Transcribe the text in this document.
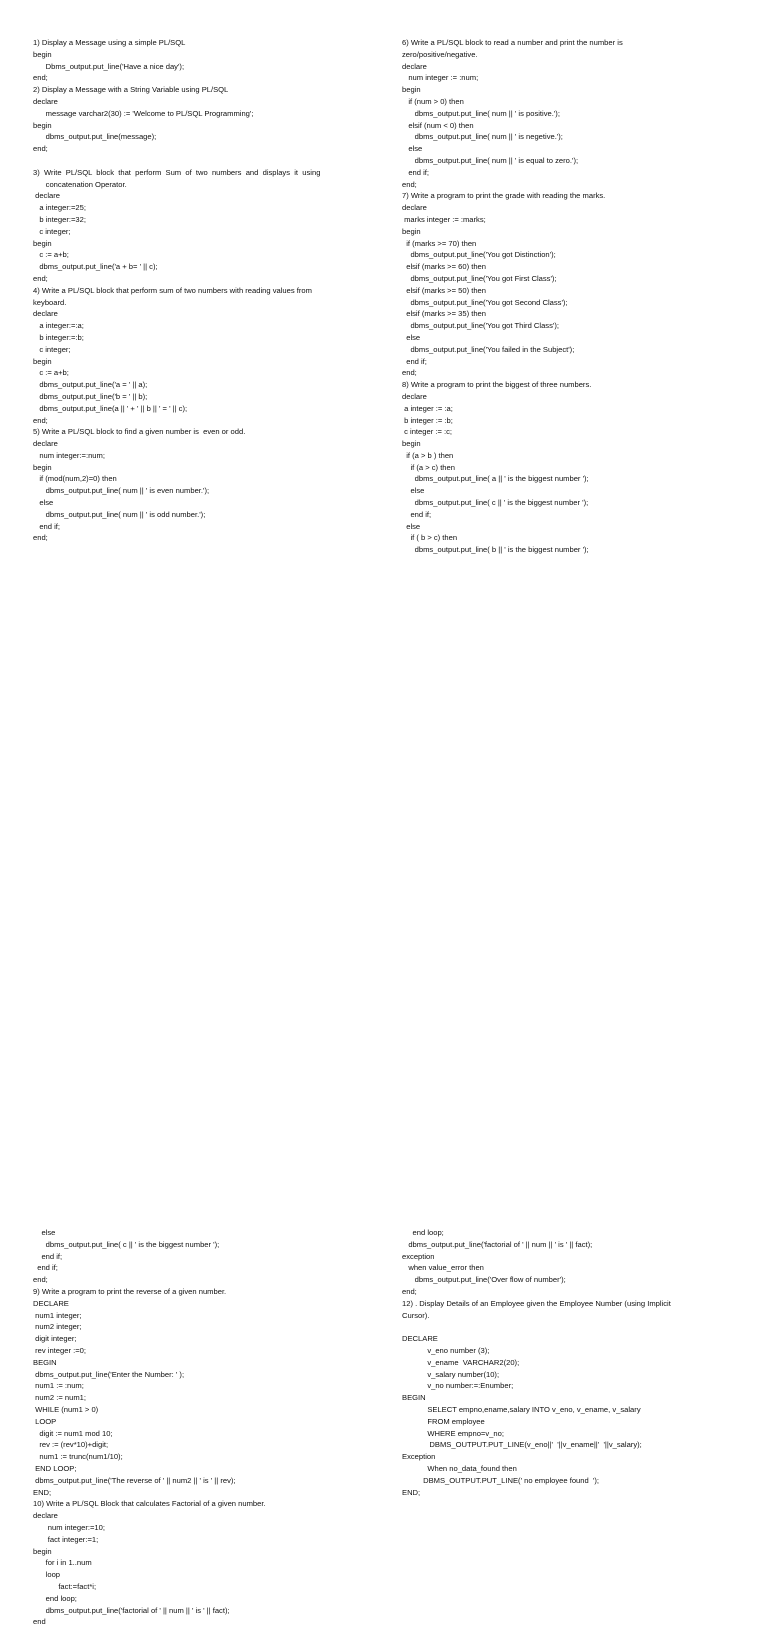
1) Display a Message using a simple PL/SQL
begin
Dbms_output.put_line('Have a nice day');
end;
2) Display a Message with a String Variable using PL/SQL
declare
message varchar2(30) := 'Welcome to PL/SQL Programming';
begin
dbms_output.put_line(message);
end;
3)  Write  PL/SQL  block  that  perform  Sum  of  two  numbers  and  displays  it  using
concatenation Operator.
declare
a integer:=25;
b integer:=32;
c integer;
begin
c := a+b;
dbms_output.put_line('a + b= ' || c);
end;
4) Write a PL/SQL block that perform sum of two numbers with reading values from
keyboard.
declare
a integer:=:a;
b integer:=:b;
c integer;
begin
c := a+b;
dbms_output.put_line('a = ' || a);
dbms_output.put_line('b = ' || b);
dbms_output.put_line(a || ' + ' || b || ' = ' || c);
end;
5) Write a PL/SQL block to find a given number is  even or odd.
declare
num integer:=:num;
begin
if (mod(num,2)=0) then
dbms_output.put_line( num || ' is even number.');
else
dbms_output.put_line( num || ' is odd number.');
end if;
end;
6) Write a PL/SQL block to read a number and print the number is
zero/positive/negative.
declare
num integer := :num;
begin
if (num > 0) then
dbms_output.put_line( num || ' is positive.');
elsif (num < 0) then
dbms_output.put_line( num || ' is negetive.');
else
dbms_output.put_line( num || ' is equal to zero.');
end if;
end;
7) Write a program to print the grade with reading the marks.
declare
marks integer := :marks;
begin
if (marks >= 70) then
dbms_output.put_line('You got Distinction');
elsif (marks >= 60) then
dbms_output.put_line('You got First Class');
elsif (marks >= 50) then
dbms_output.put_line('You got Second Class');
elsif (marks >= 35) then
dbms_output.put_line('You got Third Class');
else
dbms_output.put_line('You failed in the Subject');
end if;
end;
8) Write a program to print the biggest of three numbers.
declare
a integer := :a;
b integer := :b;
c integer := :c;
begin
if (a > b ) then
if (a > c) then
dbms_output.put_line( a || ' is the biggest number ');
else
dbms_output.put_line( c || ' is the biggest number ');
end if;
else
if ( b > c) then
dbms_output.put_line( b || ' is the biggest number ');
else
dbms_output.put_line( c || ' is the biggest number ');
end if;
end if;
end;
9) Write a program to print the reverse of a given number.
DECLARE
num1 integer;
num2 integer;
digit integer;
rev integer :=0;
BEGIN
dbms_output.put_line('Enter the Number: ' );
num1 := :num;
num2 := num1;
WHILE (num1 > 0)
LOOP
digit := num1 mod 10;
rev := (rev*10)+digit;
num1 := trunc(num1/10);
END LOOP;
dbms_output.put_line('The reverse of ' || num2 || ' is ' || rev);
END;
10) Write a PL/SQL Block that calculates Factorial of a given number.
declare
num integer:=10;
fact integer:=1;
begin
for i in 1..num
loop
fact:=fact*i;
end loop;
dbms_output.put_line('factorial of ' || num || ' is ' || fact);
end
end loop;
dbms_output.put_line('factorial of ' || num || ' is ' || fact);
exception
when value_error then
dbms_output.put_line('Over flow of number');
end;
12) . Display Details of an Employee given the Employee Number (using Implicit
Cursor).
DECLARE
v_eno number (3);
v_ename  VARCHAR2(20);
v_salary number(10);
v_no number:=:Enumber;
BEGIN
SELECT empno,ename,salary INTO v_eno, v_ename, v_salary
FROM employee
WHERE empno=v_no;
DBMS_OUTPUT.PUT_LINE(v_eno||'  '||v_ename||'  '||v_salary);
Exception
When no_data_found then
DBMS_OUTPUT.PUT_LINE(' no employee found  ');
END;
